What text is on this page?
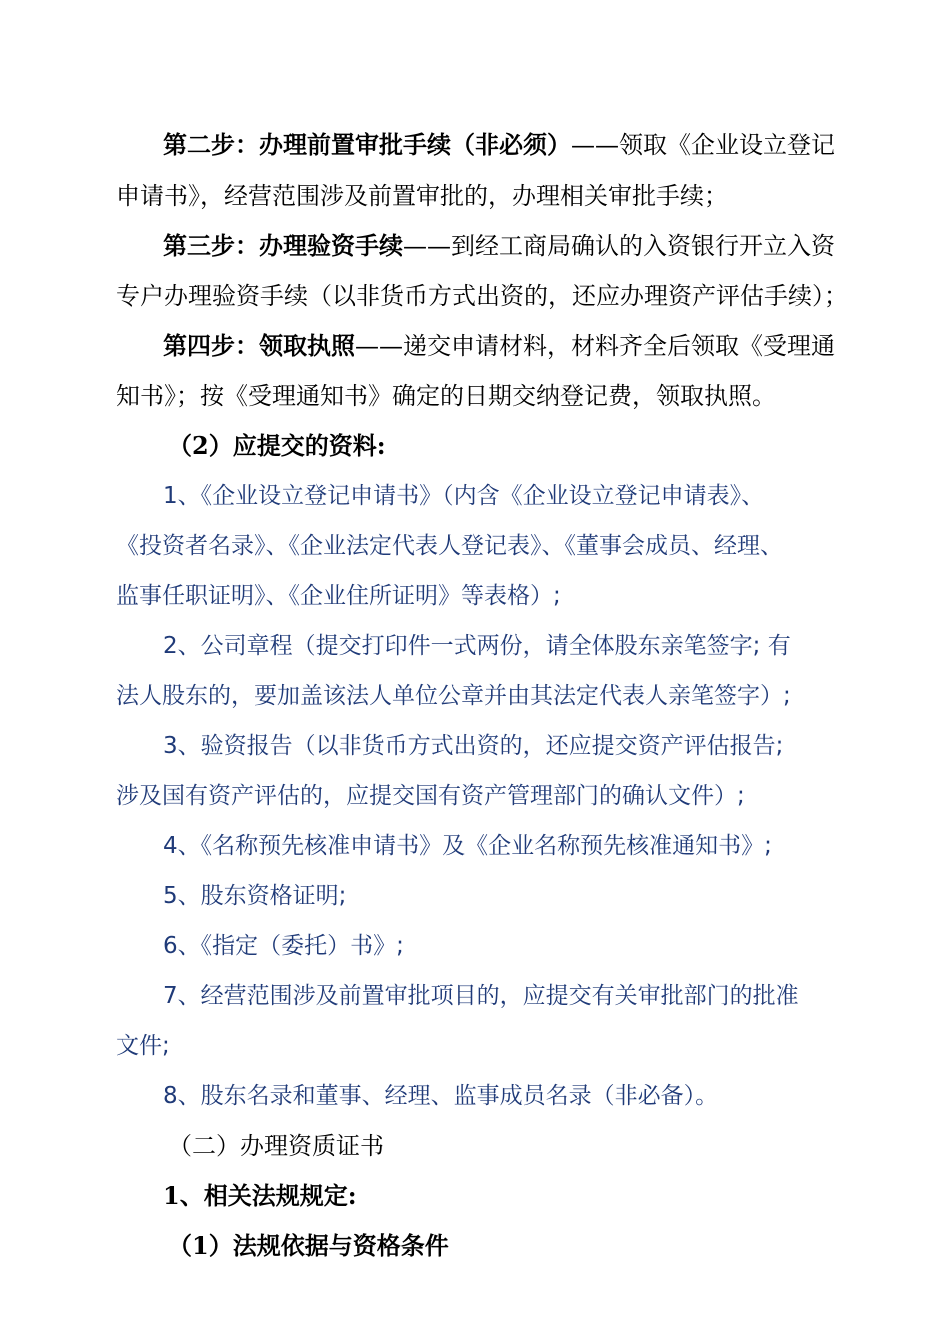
第二步：办理前置审批手续（非必须）——领取《企业设立登记
申请书》，经营范围涉及前置审批的，办理相关审批手续；
第三步：办理验资手续——到经工商局确认的入资银行开立入资
专户办理验资手续（以非货币方式出资的，还应办理资产评估手续）；
第四步：领取执照——递交申请材料，材料齐全后领取《受理通
知书》；按《受理通知书》确定的日期交纳登记费，领取执照。
（2）应提交的资料:
1、《企业设立登记申请书》（内含《企业设立登记申请表》、
《投资者名录》、《企业法定代表人登记表》、《董事会成员、经理、
监事任职证明》、《企业住所证明》等表格）;
2、公司章程（提交打印件一式两份，请全体股东亲笔签字; 有
法人股东的，要加盖该法人单位公章并由其法定代表人亲笔签字）;
3、验资报告（以非货币方式出资的，还应提交资产评估报告;
涉及国有资产评估的，应提交国有资产管理部门的确认文件）;
4、《名称预先核准申请书》及《企业名称预先核准通知书》;
5、股东资格证明;
6、《指定（委托）书》;
7、经营范围涉及前置审批项目的，应提交有关审批部门的批准
文件;
8、股东名录和董事、经理、监事成员名录（非必备）。
（二）办理资质证书
1、相关法规规定:
（1）法规依据与资格条件
